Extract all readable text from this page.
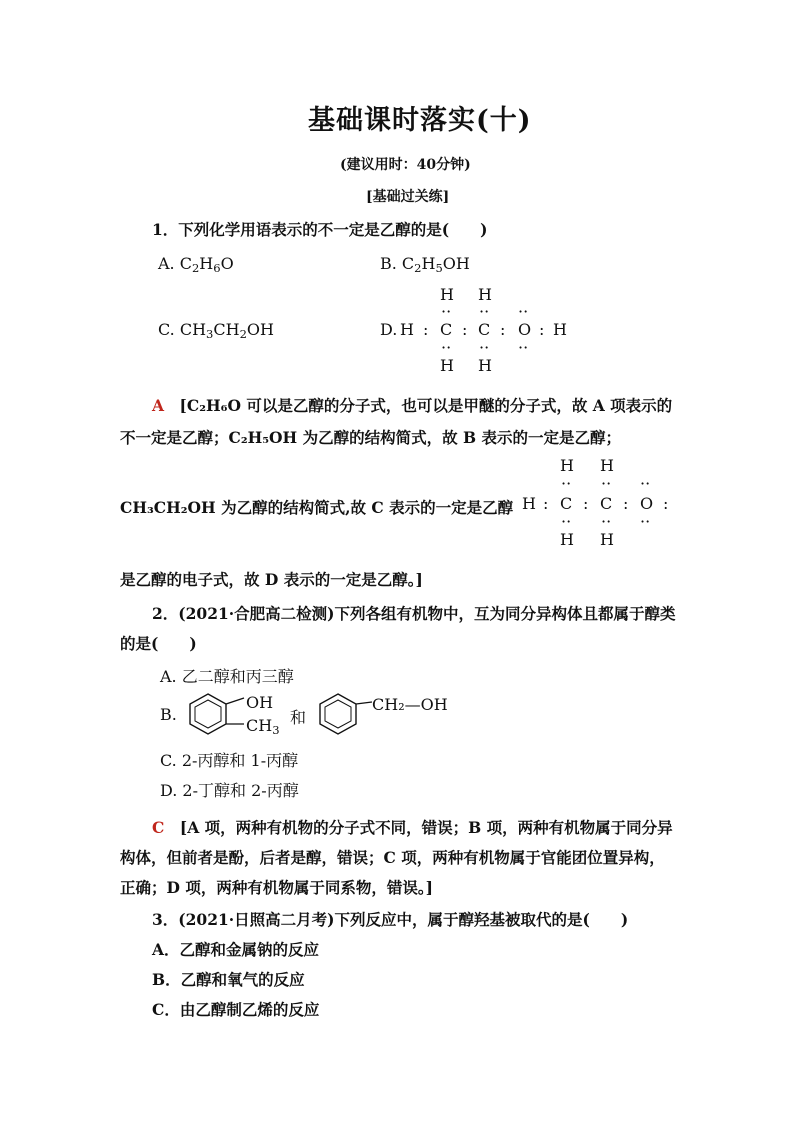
基础课时落实(十)
(建议用时：40分钟)
[基础过关练]
1．下列化学用语表示的不一定是乙醇的是(　　)
A. $C_2H_6O$	B. $C_2H_5OH$
C. $CH_3CH_2OH$	D.
H H
·· ·· ··
H : C : C : O : H
·· ·· ··
H H
A　 [C₂H₆O 可以是乙醇的分子式，也可以是甲醚的分子式，故 A 项表示的
不一定是乙醇；C₂H₅OH 为乙醇的结构简式，故 B 表示的一定是乙醇；
CH₃CH₂OH 为乙醇的结构简式,故 C 表示的一定是乙醇
H H
·· ·· ··
H : C : C : O :
·· ·· ··
H H
是乙醇的电子式，故 D 表示的一定是乙醇。]
2．(2021·合肥高二检测)下列各组有机物中，互为同分异构体且都属于醇类
的是(　　)
A. 乙二醇和丙三醇
B.
OH
$CH_3$
和
CH₂—OH
C. 2-丙醇和 1-丙醇
D. 2-丁醇和 2-丙醇
C　 [A 项，两种有机物的分子式不同，错误；B 项，两种有机物属于同分异
构体，但前者是酚，后者是醇，错误；C 项，两种有机物属于官能团位置异构，
正确；D 项，两种有机物属于同系物，错误。]
3．(2021·日照高二月考)下列反应中，属于醇羟基被取代的是(　　)
A．乙醇和金属钠的反应
B．乙醇和氧气的反应
C．由乙醇制乙烯的反应
